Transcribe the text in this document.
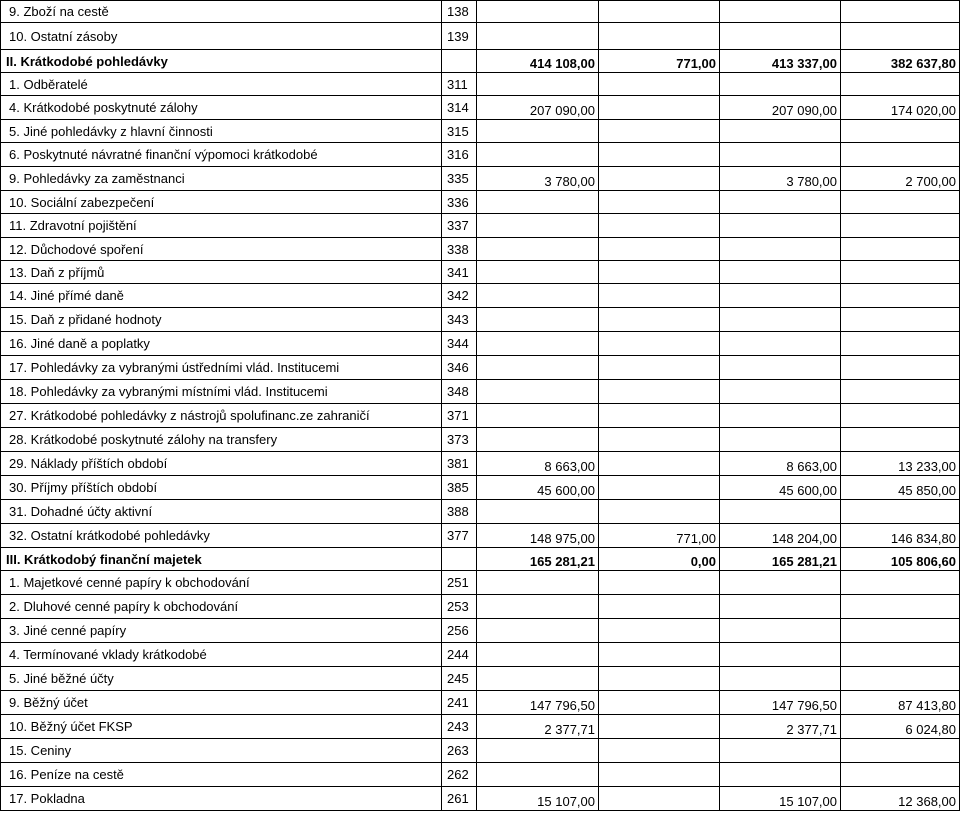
9. Zboží na cestě	138				
10. Ostatní zásoby	139				
II. Krátkodobé pohledávky		414 108,00	771,00	413 337,00	382 637,80
1. Odběratelé	311				
4. Krátkodobé poskytnuté zálohy	314	207 090,00		207 090,00	174 020,00
5. Jiné pohledávky z hlavní činnosti	315				
6. Poskytnuté návratné finanční výpomoci krátkodobé	316				
9. Pohledávky za zaměstnanci	335	3 780,00		3 780,00	2 700,00
10. Sociální zabezpečení	336				
11. Zdravotní pojištění	337				
12. Důchodové spoření	338				
13. Daň z příjmů	341				
14. Jiné přímé daně	342				
15. Daň z přidané hodnoty	343				
16. Jiné daně a poplatky	344				
17. Pohledávky za vybranými ústředními vlád. Institucemi	346				
18. Pohledávky za vybranými místními vlád. Institucemi	348				
27. Krátkodobé pohledávky z nástrojů spolufinanc.ze zahraničí	371				
28. Krátkodobé poskytnuté zálohy na transfery	373				
29. Náklady příštích období	381	8 663,00		8 663,00	13 233,00
30. Příjmy příštích období	385	45 600,00		45 600,00	45 850,00
31. Dohadné účty aktivní	388				
32. Ostatní krátkodobé pohledávky	377	148 975,00	771,00	148 204,00	146 834,80
III. Krátkodobý finanční majetek		165 281,21	0,00	165 281,21	105 806,60
1. Majetkové cenné papíry k obchodování	251				
2. Dluhové cenné papíry k obchodování	253				
3. Jiné cenné papíry	256				
4. Termínované vklady krátkodobé	244				
5. Jiné běžné účty	245				
9. Běžný účet	241	147 796,50		147 796,50	87 413,80
10. Běžný účet FKSP	243	2 377,71		2 377,71	6 024,80
15. Ceniny	263				
16. Peníze na cestě	262				
17. Pokladna	261	15 107,00		15 107,00	12 368,00
